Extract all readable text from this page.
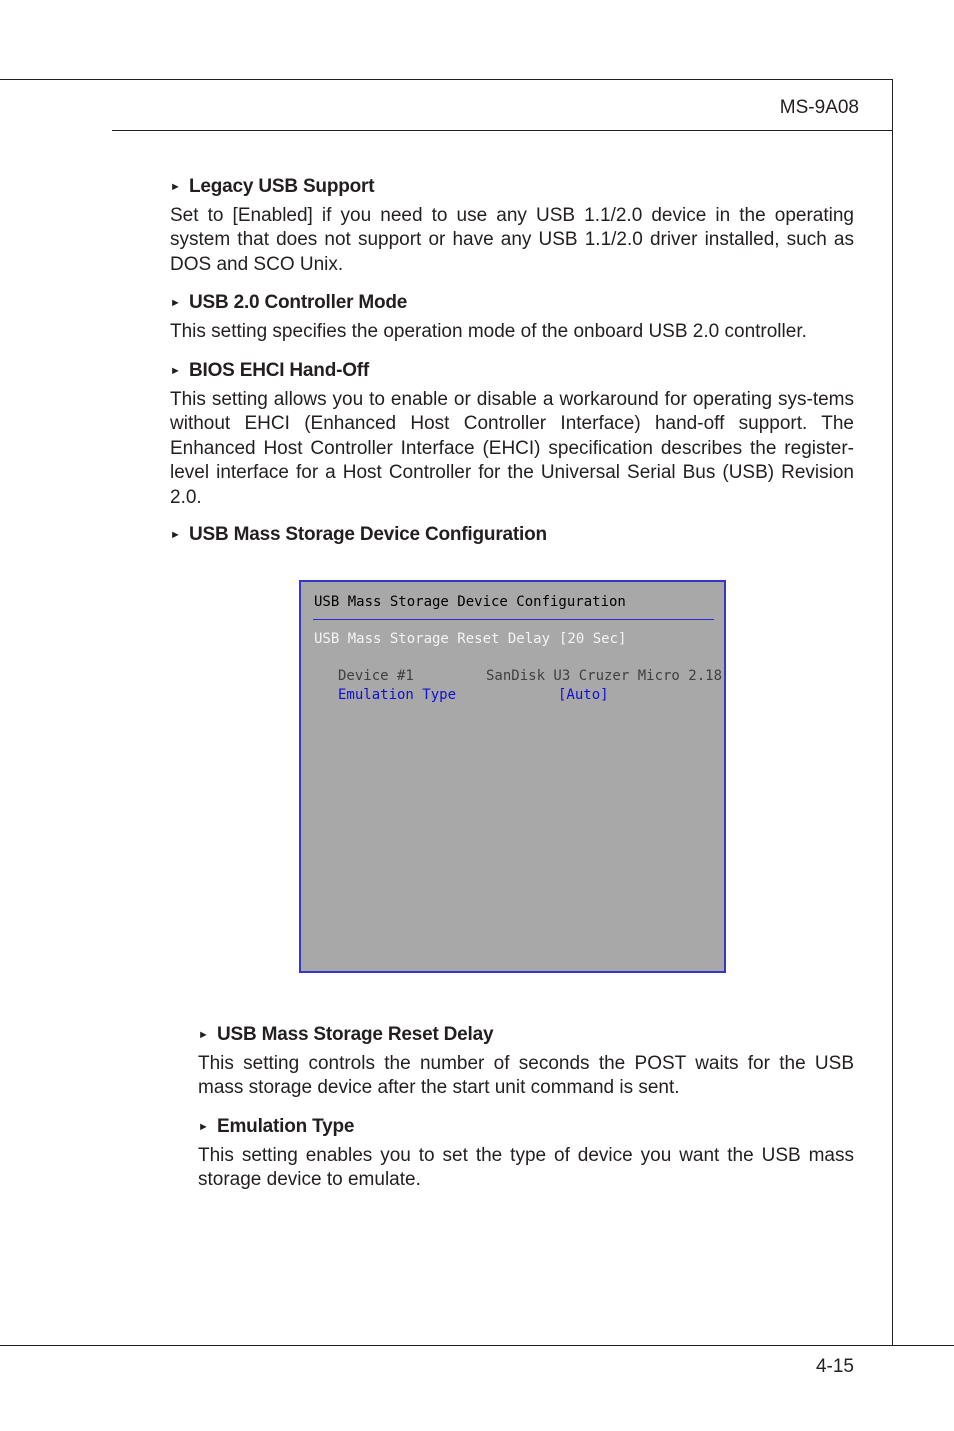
MS-9A08

► Legacy USB Support

Set to [Enabled] if you need to use any USB 1.1/2.0 device in the operating system that does not support or have any USB 1.1/2.0 driver installed, such as DOS and SCO Unix.

► USB 2.0 Controller Mode

This setting specifies the operation mode of the onboard USB 2.0 controller.

► BIOS EHCI Hand-Off

This setting allows you to enable or disable a workaround for operating sys-tems without EHCI (Enhanced Host Controller Interface) hand-off support. The Enhanced Host Controller Interface (EHCI) specification describes the register-level interface for a Host Controller for the Universal Serial Bus (USB) Revision 2.0.

► USB Mass Storage Device Configuration

USB Mass Storage Device Configuration
USB Mass Storage Reset Delay [20 Sec]
Device #1	SanDisk U3 Cruzer Micro 2.18
Emulation Type	[Auto]

► USB Mass Storage Reset Delay

This setting controls the number of seconds the POST waits for the USB mass storage device after the start unit command is sent.

► Emulation Type

This setting enables you to set the type of device you want the USB mass storage device to emulate.

4-15
